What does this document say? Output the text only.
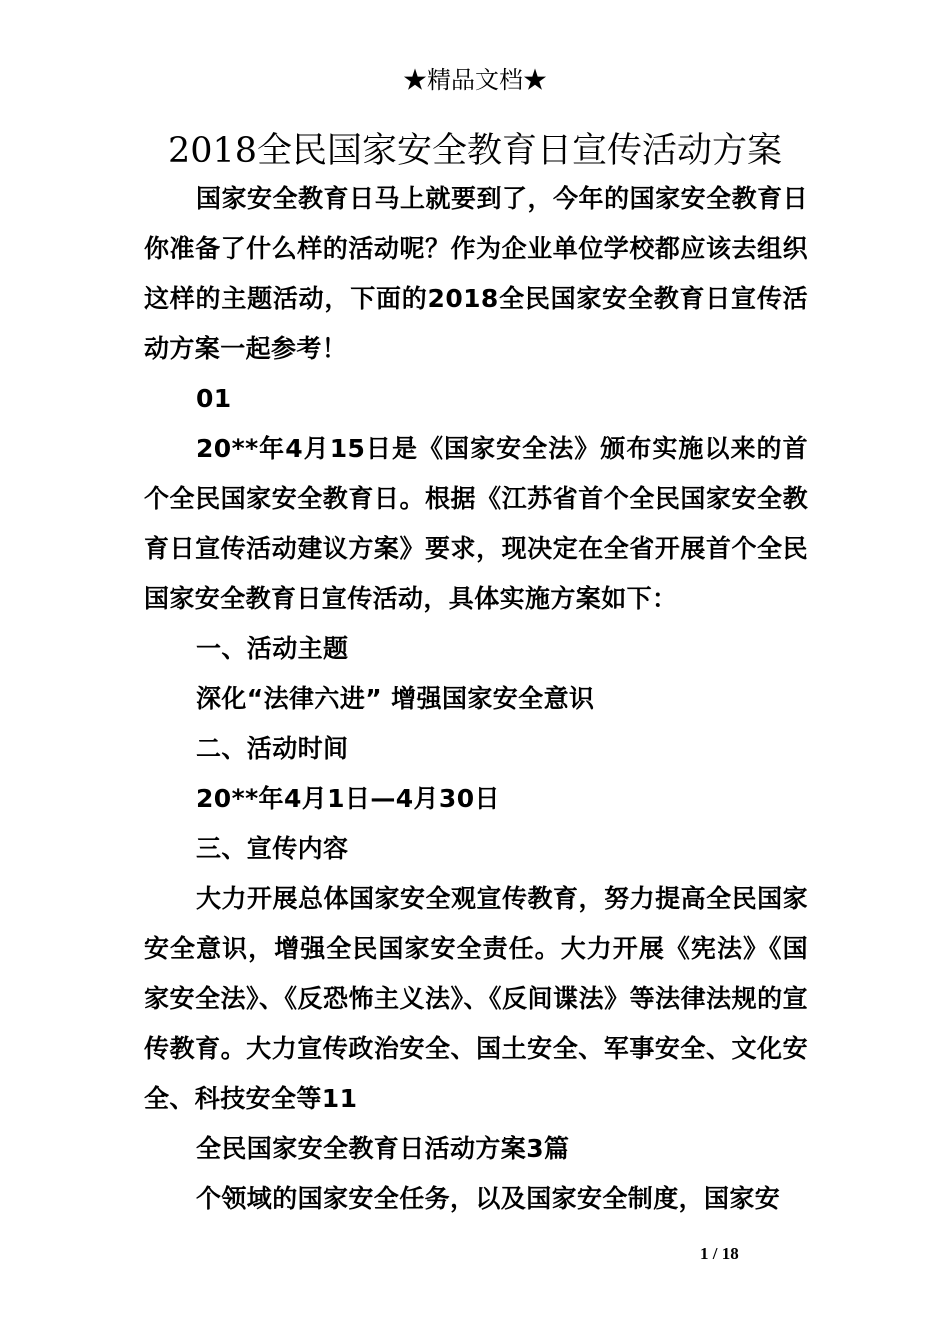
★精品文档★
2018全民国家安全教育日宣传活动方案

国家安全教育日马上就要到了，今年的国家安全教育日你准备了什么样的活动呢？作为企业单位学校都应该去组织这样的主题活动，下面的2018全民国家安全教育日宣传活动方案一起参考！

01

20**年4月15日是《国家安全法》颁布实施以来的首个全民国家安全教育日。根据《江苏省首个全民国家安全教育日宣传活动建议方案》要求，现决定在全省开展首个全民国家安全教育日宣传活动，具体实施方案如下：

一、活动主题

深化“法律六进” 增强国家安全意识

二、活动时间

20**年4月1日—4月30日

三、宣传内容

大力开展总体国家安全观宣传教育，努力提高全民国家安全意识，增强全民国家安全责任。大力开展《宪法》《国家安全法》、《反恐怖主义法》、《反间谍法》等法律法规的宣传教育。大力宣传政治安全、国土安全、军事安全、文化安全、科技安全等11

全民国家安全教育日活动方案3篇

个领域的国家安全任务，以及国家安全制度，国家安

1 / 18
